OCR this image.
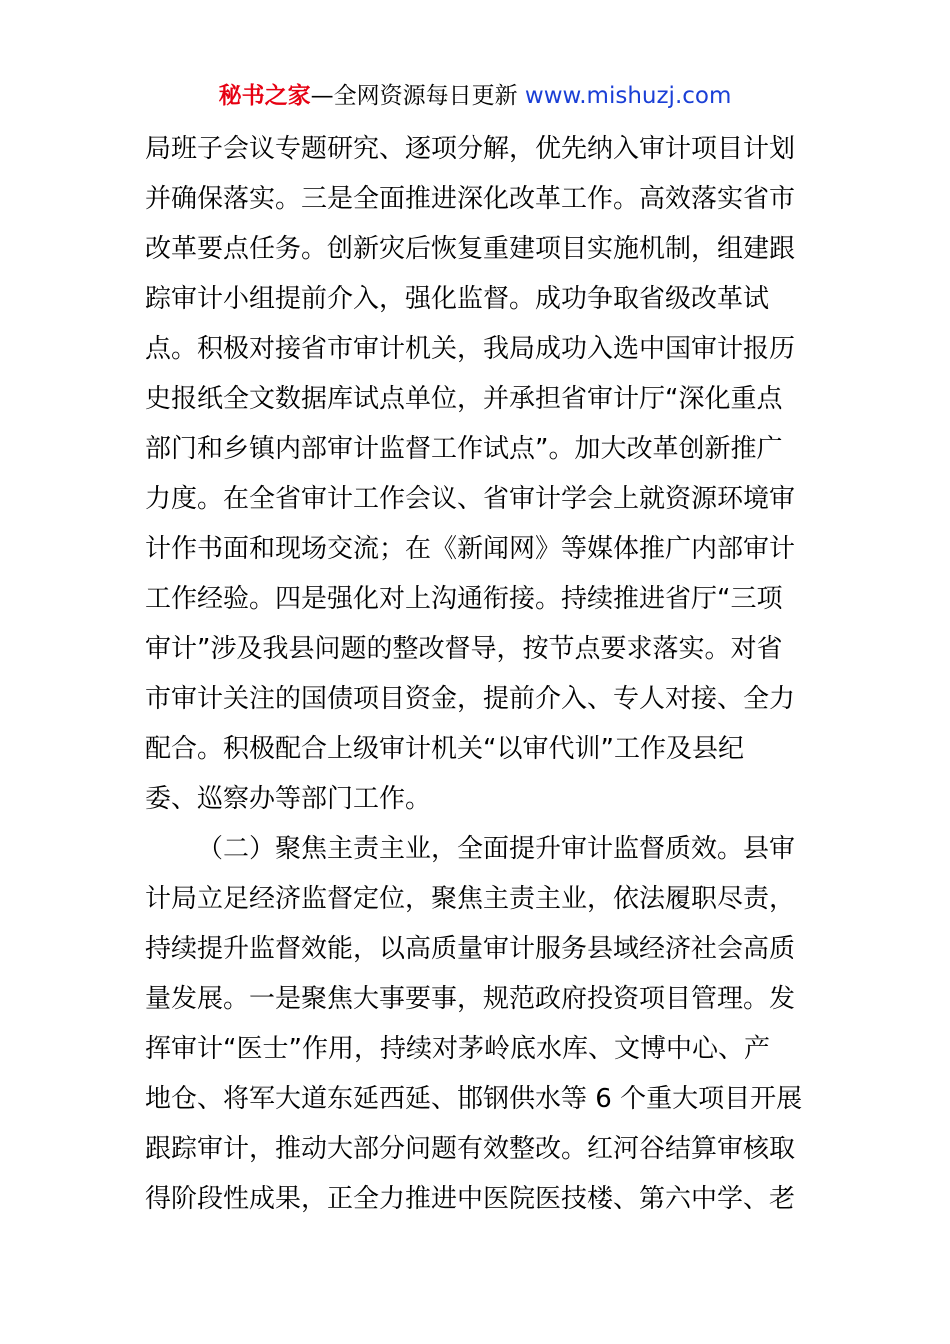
秘书之家—全网资源每日更新 www.mishuzj.com
局班子会议专题研究、逐项分解，优先纳入审计项目计划
并确保落实。三是全面推进深化改革工作。高效落实省市
改革要点任务。创新灾后恢复重建项目实施机制，组建跟
踪审计小组提前介入，强化监督。成功争取省级改革试
点。积极对接省市审计机关，我局成功入选中国审计报历
史报纸全文数据库试点单位，并承担省审计厅“深化重点
部门和乡镇内部审计监督工作试点”。加大改革创新推广
力度。在全省审计工作会议、省审计学会上就资源环境审
计作书面和现场交流；在《新闻网》等媒体推广内部审计
工作经验。四是强化对上沟通衔接。持续推进省厅“三项
审计”涉及我县问题的整改督导，按节点要求落实。对省
市审计关注的国债项目资金，提前介入、专人对接、全力
配合。积极配合上级审计机关“以审代训”工作及县纪
委、巡察办等部门工作。
（二）聚焦主责主业，全面提升审计监督质效。县审
计局立足经济监督定位，聚焦主责主业，依法履职尽责，
持续提升监督效能，以高质量审计服务县域经济社会高质
量发展。一是聚焦大事要事，规范政府投资项目管理。发
挥审计“医士”作用，持续对茅岭底水库、文博中心、产
地仓、将军大道东延西延、邯钢供水等 6 个重大项目开展
跟踪审计，推动大部分问题有效整改。红河谷结算审核取
得阶段性成果，正全力推进中医院医技楼、第六中学、老
